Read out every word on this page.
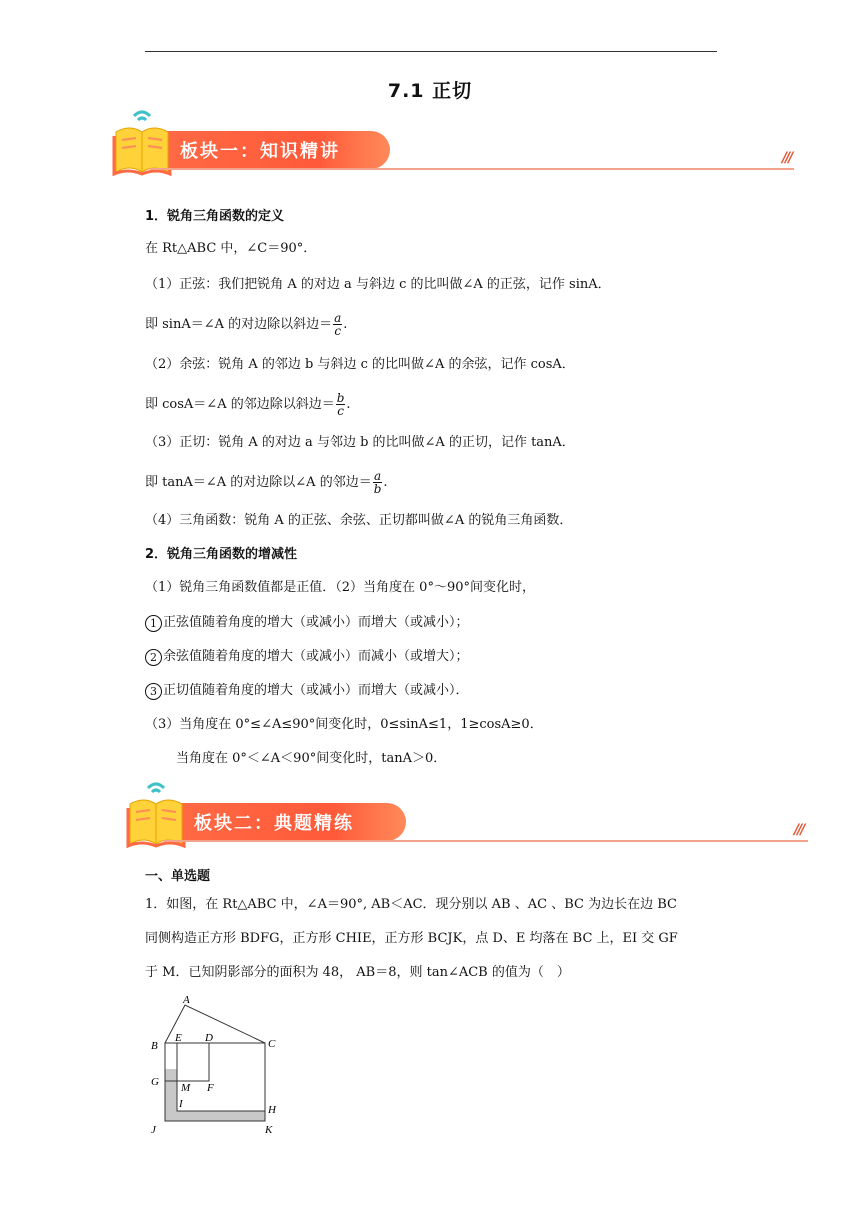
7.1 正切
板块一：知识精讲	///
1．锐角三角函数的定义
在 Rt△ABC 中，∠C＝90°．
（1）正弦：我们把锐角 A 的对边 a 与斜边 c 的比叫做∠A 的正弦，记作 sinA．
即 sinA＝∠A 的对边除以斜边＝ $\frac{a}{c}$ .
（2）余弦：锐角 A 的邻边 b 与斜边 c 的比叫做∠A 的余弦，记作 cosA．
即 cosA＝∠A 的邻边除以斜边＝ $\frac{b}{c}$ .
（3）正切：锐角 A 的对边 a 与邻边 b 的比叫做∠A 的正切，记作 tanA．
即 tanA＝∠A 的对边除以∠A 的邻边＝ $\frac{a}{b}$ .
（4）三角函数：锐角 A 的正弦、余弦、正切都叫做∠A 的锐角三角函数．
2．锐角三角函数的增减性
（1）锐角三角函数值都是正值．（2）当角度在 0°～90°间变化时，
1 正弦值随着角度的增大（或减小）而增大（或减小）；
2 余弦值随着角度的增大（或减小）而减小（或增大）；
3 正切值随着角度的增大（或减小）而增大（或减小）．
（3）当角度在 0°≤∠A≤90°间变化时，0≤sinA≤1，1≥cosA≥0．
当角度在 0°＜∠A＜90°间变化时，tanA＞0．
板块二：典题精练	///
一、单选题
1．如图，在 Rt△ABC 中，∠A＝90°, AB＜AC．现分别以 AB 、AC 、BC 为边长在边 BC
同侧构造正方形 BDFG，正方形 CHIE，正方形 BCJK，点 D、E 均落在 BC 上，EI 交 GF
于 M．已知阴影部分的面积为 48， AB＝8，则 tan∠ACB 的值为（　）
A
B
E D	C
G M F
I	H
J	K
